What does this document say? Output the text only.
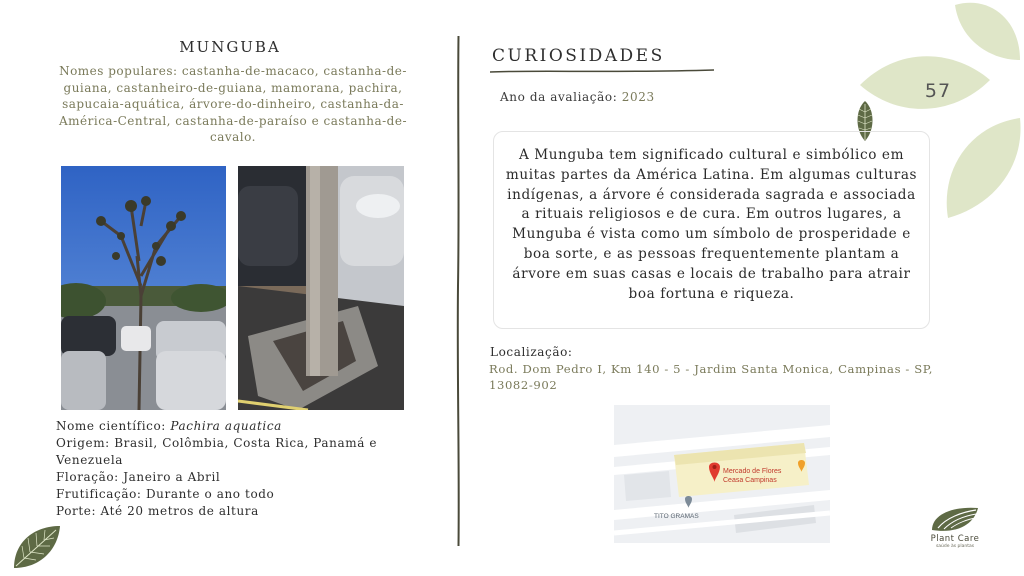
57
MUNGUBA
Nomes populares: castanha-de-macaco, castanha-de-guiana, castanheiro-de-guiana, mamorana, pachira, sapucaia-aquática, árvore-do-dinheiro, castanha-da-América-Central, castanha-de-paraíso e castanha-de-cavalo.
Nome científico: Pachira aquatica
Origem: Brasil, Colômbia, Costa Rica, Panamá e Venezuela
Floração: Janeiro a Abril
Frutificação: Durante o ano todo
Porte: Até 20 metros de altura
CURIOSIDADES
Ano da avaliação: 2023
A Munguba tem significado cultural e simbólico em muitas partes da América Latina. Em algumas culturas indígenas, a árvore é considerada sagrada e associada a rituais religiosos e de cura. Em outros lugares, a Munguba é vista como um símbolo de prosperidade e boa sorte, e as pessoas frequentemente plantam a árvore em suas casas e locais de trabalho para atrair boa fortuna e riqueza.
Localização:
Rod. Dom Pedro I, Km 140 - 5 - Jardim Santa Monica, Campinas - SP, 13082-902
Mercado de Flores
Ceasa Campinas
TITO GRAMAS
Plant Care
saúde às plantas
